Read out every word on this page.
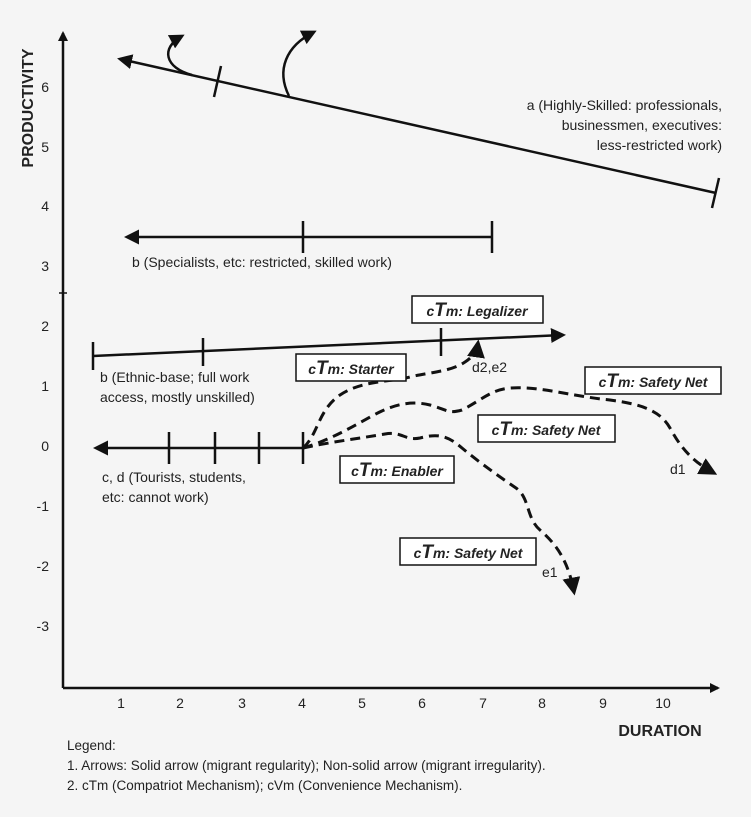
PRODUCTIVITY
DURATION
6
5
4
3
2
1
0
-1
-2
-3
1	2	3	4	5	6	7	8	9	10
a (Highly-Skilled: professionals,
businessmen, executives:
less-restricted work)
b (Specialists, etc: restricted, skilled work)
b (Ethnic-base; full work
access, mostly unskilled)
c, d (Tourists, students,
etc: cannot work)
d2,e2
d1
e1
cTm: Legalizer
cTm: Starter
cTm: Safety Net
cTm: Safety Net
cTm: Enabler
cTm: Safety Net
Legend:
1. Arrows: Solid arrow (migrant regularity); Non-solid arrow (migrant irregularity).
2. cTm (Compatriot Mechanism); cVm (Convenience Mechanism).
